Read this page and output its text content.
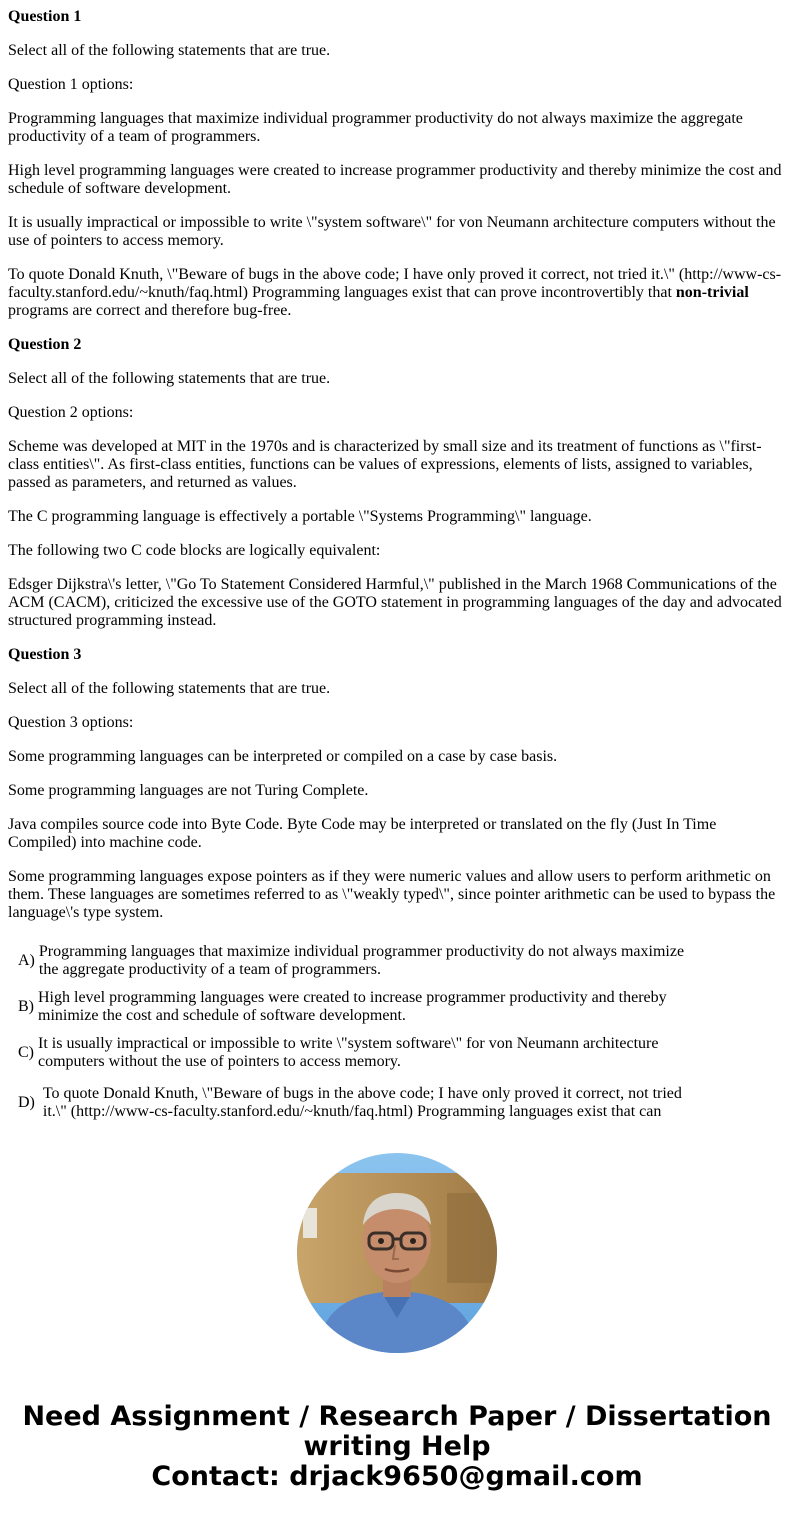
Question 1

Select all of the following statements that are true.

Question 1 options:

Programming languages that maximize individual programmer productivity do not always maximize the aggregate productivity of a team of programmers.

High level programming languages were created to increase programmer productivity and thereby minimize the cost and schedule of software development.

It is usually impractical or impossible to write \"system software\" for von Neumann architecture computers without the use of pointers to access memory.

To quote Donald Knuth, \"Beware of bugs in the above code; I have only proved it correct, not tried it.\" (http://www-cs-faculty.stanford.edu/~knuth/faq.html) Programming languages exist that can prove incontrovertibly that non-trivial programs are correct and therefore bug-free.

Question 2

Select all of the following statements that are true.

Question 2 options:

Scheme was developed at MIT in the 1970s and is characterized by small size and its treatment of functions as \"first-class entities\". As first-class entities, functions can be values of expressions, elements of lists, assigned to variables, passed as parameters, and returned as values.

The C programming language is effectively a portable \"Systems Programming\" language.

The following two C code blocks are logically equivalent:

Edsger Dijkstra\'s letter, \"Go To Statement Considered Harmful,\" published in the March 1968 Communications of the ACM (CACM), criticized the excessive use of the GOTO statement in programming languages of the day and advocated structured programming instead.

Question 3

Select all of the following statements that are true.

Question 3 options:

Some programming languages can be interpreted or compiled on a case by case basis.

Some programming languages are not Turing Complete.

Java compiles source code into Byte Code. Byte Code may be interpreted or translated on the fly (Just In Time Compiled) into machine code.

Some programming languages expose pointers as if they were numeric values and allow users to perform arithmetic on them. These languages are sometimes referred to as \"weakly typed\", since pointer arithmetic can be used to bypass the language\'s type system.

A)
Programming languages that maximize individual programmer productivity do not always maximize the aggregate productivity of a team of programmers.
B)
High level programming languages were created to increase programmer productivity and thereby minimize the cost and schedule of software development.
C)
It is usually impractical or impossible to write \"system software\" for von Neumann architecture computers without the use of pointers to access memory.
D)
To quote Donald Knuth, \"Beware of bugs in the above code; I have only proved it correct, not tried it.\" (http://www-cs-faculty.stanford.edu/~knuth/faq.html) Programming languages exist that can
Need Assignment / Research Paper / Dissertation
writing Help
Contact: drjack9650@gmail.com
